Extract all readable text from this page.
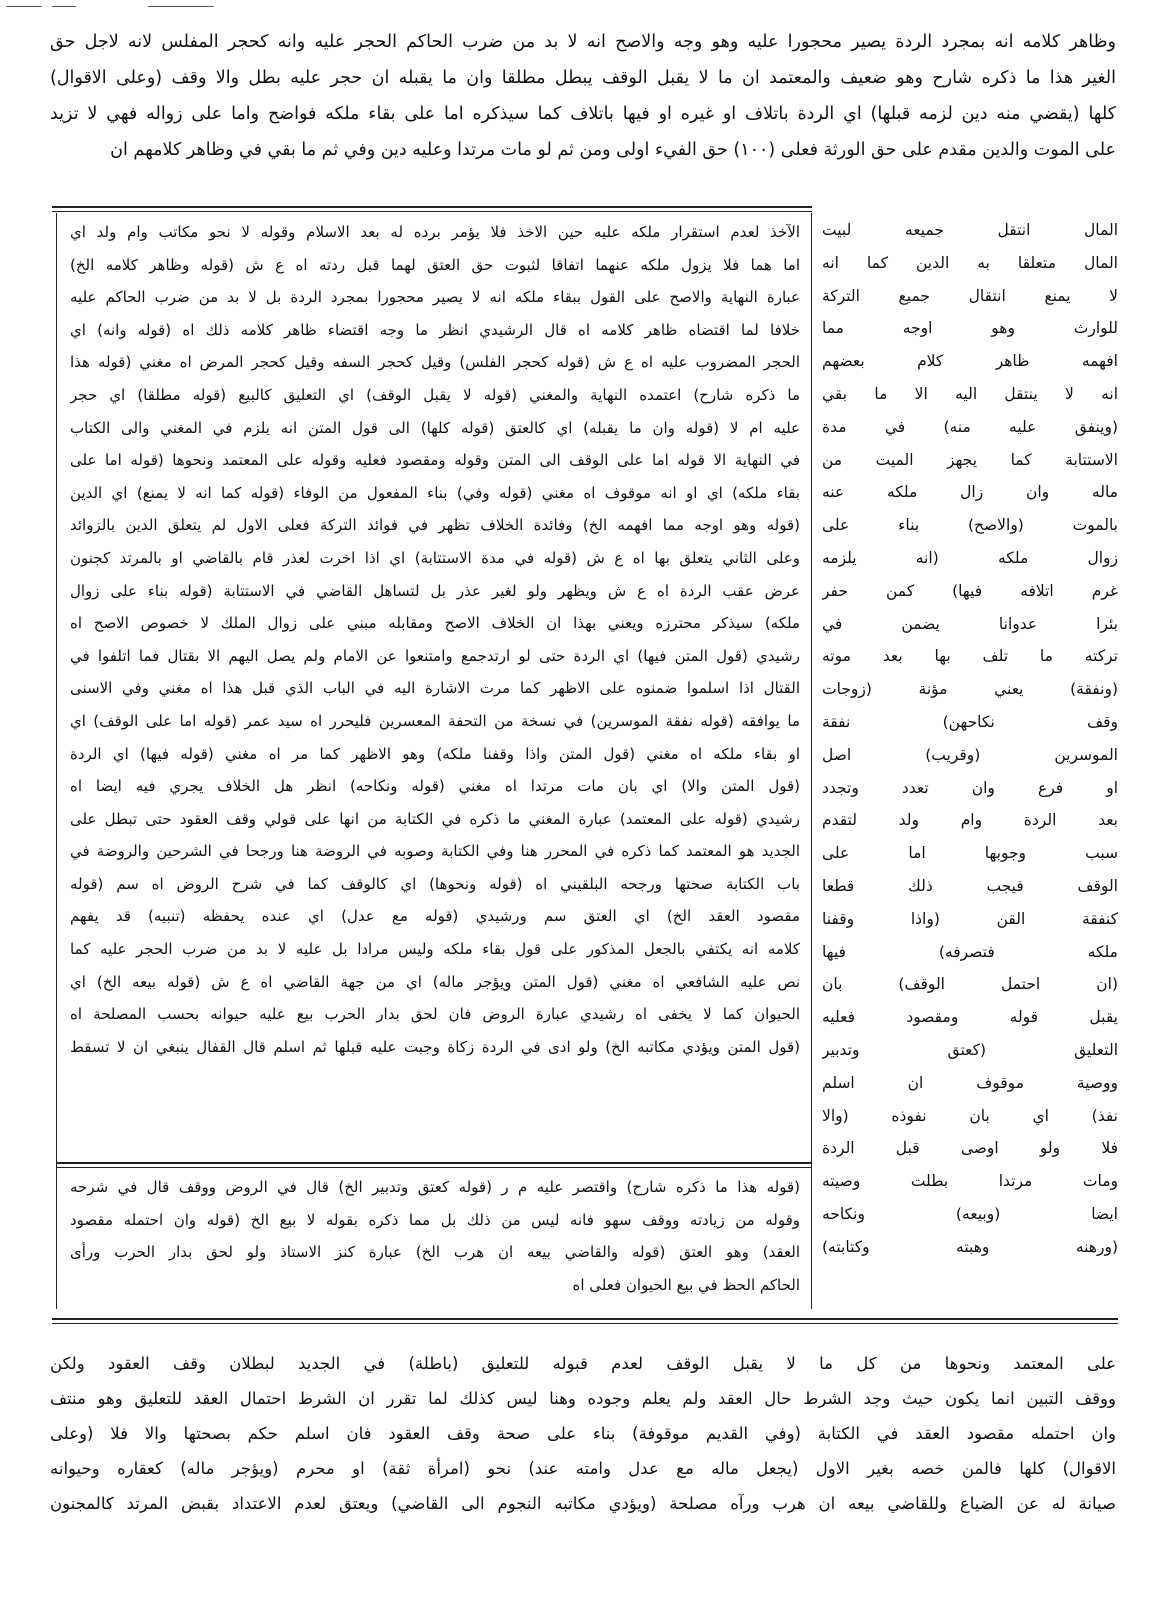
وظاهر كلامه انه بمجرد الردة يصير محجورا عليه وهو وجه والاصح انه لا بد من ضرب الحاكم الحجر عليه وانه كحجر المفلس لانه لاجل حق
الغير هذا ما ذكره شارح وهو ضعيف والمعتمد ان ما لا يقبل الوقف يبطل مطلقا وان ما يقبله ان حجر عليه بطل والا وقف (وعلى الاقوال)
كلها (يقضي منه دين لزمه قبلها) اي الردة باتلاف او غيره او فيها باتلاف كما سيذكره اما على بقاء ملكه فواضح واما على زواله فهي لا تزيد
على الموت والدين مقدم على حق الورثة فعلى (١٠٠) حق الفيء اولى ومن ثم لو مات مرتدا وعليه دين وفي ثم ما بقي في وظاهر كلامهم ان
المال انتقل جميعه لبيت
المال متعلقا به الدين كما انه
لا يمنع انتقال جميع التركة
للوارث وهو اوجه مما
افهمه ظاهر كلام بعضهم
انه لا ينتقل اليه الا ما بقي
(وينفق عليه منه) في مدة
الاستتابة كما يجهز الميت من
ماله وان زال ملكه عنه
بالموت (والاصح) بناء على
زوال ملكه (انه يلزمه
غرم اتلافه فيها) كمن حفر
بئرا عدوانا يضمن في
تركته ما تلف بها بعد موته
(ونفقة) يعني مؤنة (زوجات
وقف نكاحهن) نفقة
الموسرين (وقريب) اصل
او فرع وان تعدد وتجدد
بعد الردة وام ولد لتقدم
سبب وجوبها اما على
الوقف فيجب ذلك قطعا
كنفقة القن (واذا وقفنا
ملكه فتصرفه) فيها
(ان احتمل الوقف) بان
يقبل قوله ومقصود فعليه
التعليق (كعتق وتدبير
ووصية موقوف ان اسلم
نفذ) اي بان نفوذه (والا
فلا ولو اوصى قبل الردة
ومات مرتدا بطلت وصيته
ايضا (وبيعه) ونكاحه
(ورهنه وهبته وكتابته)
الآخذ لعدم استقرار ملكه عليه حين الاخذ فلا يؤمر برده له بعد الاسلام وقوله لا نحو مكاتب وام ولد اي
اما هما فلا يزول ملكه عنهما اتفاقا لثبوت حق العتق لهما قبل ردته اه ع ش (قوله وظاهر كلامه الخ)
عبارة النهاية والاصح على القول ببقاء ملكه انه لا يصير محجورا بمجرد الردة بل لا بد من ضرب الحاكم عليه
خلافا لما اقتضاه ظاهر كلامه اه قال الرشيدي انظر ما وجه اقتضاء ظاهر كلامه ذلك اه (قوله وانه) اي
الحجر المضروب عليه اه ع ش (قوله كحجر الفلس) وقيل كحجر السفه وقيل كحجر المرض اه مغني (قوله هذا
ما ذكره شارح) اعتمده النهاية والمغني (قوله لا يقبل الوقف) اي التعليق كالبيع (قوله مطلقا) اي حجر
عليه ام لا (قوله وان ما يقبله) اي كالعتق (قوله كلها) الى قول المتن انه يلزم في المغني والى الكتاب
في النهاية الا قوله اما على الوقف الى المتن وقوله ومقصود فعليه وقوله على المعتمد ونحوها (قوله اما على
بقاء ملكه) اي او انه موقوف اه مغني (قوله وفي) بناء المفعول من الوفاء (قوله كما انه لا يمنع) اي الدين
(قوله وهو اوجه مما افهمه الخ) وفائدة الخلاف تظهر في فوائد التركة فعلى الاول لم يتعلق الدين بالزوائد
وعلى الثاني يتعلق بها اه ع ش (قوله في مدة الاستتابة) اي اذا اخرت لعذر قام بالقاضي او بالمرتد كجنون
عرض عقب الردة اه ع ش ويظهر ولو لغير عذر بل لتساهل القاضي في الاستتابة (قوله بناء على زوال
ملكه) سيذكر محترزه ويعني بهذا ان الخلاف الاصح ومقابله مبني على زوال الملك لا خصوص الاصح اه
رشيدي (قول المتن فيها) اي الردة حتى لو ارتدجمع وامتنعوا عن الامام ولم يصل اليهم الا بقتال فما اتلفوا في
القتال اذا اسلموا ضمنوه على الاظهر كما مرت الاشارة اليه في الباب الذي قبل هذا اه مغني وفي الاسنى
ما يوافقه (قوله نفقة الموسرين) في نسخة من التحفة المعسرين فليحرر اه سيد عمر (قوله اما على الوقف) اي
او بقاء ملكه اه مغني (قول المتن واذا وقفنا ملكه) وهو الاظهر كما مر اه مغني (قوله فيها) اي الردة
(قول المتن والا) اي بان مات مرتدا اه مغني (قوله ونكاحه) انظر هل الخلاف يجري فيه ايضا اه
رشيدي (قوله على المعتمد) عبارة المغني ما ذكره في الكتابة من انها على قولي وقف العقود حتى تبطل على
الجديد هو المعتمد كما ذكره في المحرر هنا وفي الكتابة وصوبه في الروضة هنا ورجحا في الشرحين والروضة في
باب الكتابة صحتها ورجحه البلقيني اه (قوله ونحوها) اي كالوقف كما في شرح الروض اه سم (قوله
مقصود العقد الخ) اي العتق سم ورشيدي (قوله مع عدل) اي عنده يحفظه (تنبيه) قد يفهم
كلامه انه يكتفي بالجعل المذكور على قول بقاء ملكه وليس مرادا بل عليه لا بد من ضرب الحجر عليه كما
نص عليه الشافعي اه مغني (قول المتن ويؤجر ماله) اي من جهة القاضي اه ع ش (قوله بيعه الخ) اي
الحيوان كما لا يخفى اه رشيدي عبارة الروض فان لحق بدار الحرب بيع عليه حيوانه بحسب المصلحة اه
(قول المتن ويؤدي مكاتبه الخ) ولو ادى في الردة زكاة وجبت عليه قبلها ثم اسلم قال القفال ينبغي ان لا تسقط
(قوله هذا ما ذكره شارح) واقتصر عليه م ر (قوله كعتق وتدبير الخ) قال في الروض ووقف قال في شرحه
وقوله من زيادته ووقف سهو فانه ليس من ذلك بل مما ذكره بقوله لا بيع الخ (قوله وان احتمله مقصود
العقد) وهو العتق (قوله والقاضي بيعه ان هرب الخ) عبارة كنز الاستاذ ولو لحق بدار الحرب ورأى
الحاكم الحظ في بيع الحيوان فعلى اه
على المعتمد ونحوها من كل ما لا يقبل الوقف لعدم قبوله للتعليق (باطلة) في الجديد لبطلان وقف العقود ولكن
ووقف التبين انما يكون حيث وجد الشرط حال العقد ولم يعلم وجوده وهنا ليس كذلك لما تقرر ان الشرط احتمال العقد للتعليق وهو منتف
وان احتمله مقصود العقد في الكتابة (وفي القديم موقوفة) بناء على صحة وقف العقود فان اسلم حكم بصحتها والا فلا (وعلى
الاقوال) كلها فالمن خصه بغير الاول (يجعل ماله مع عدل وامته عند) نحو (امرأة ثقة) او محرم (ويؤجر ماله) كعقاره وحيوانه
صيانة له عن الضياع وللقاضي بيعه ان هرب ورآه مصلحة (ويؤدي مكاتبه النجوم الى القاضي) ويعتق لعدم الاعتداد بقبض المرتد كالمجنون
